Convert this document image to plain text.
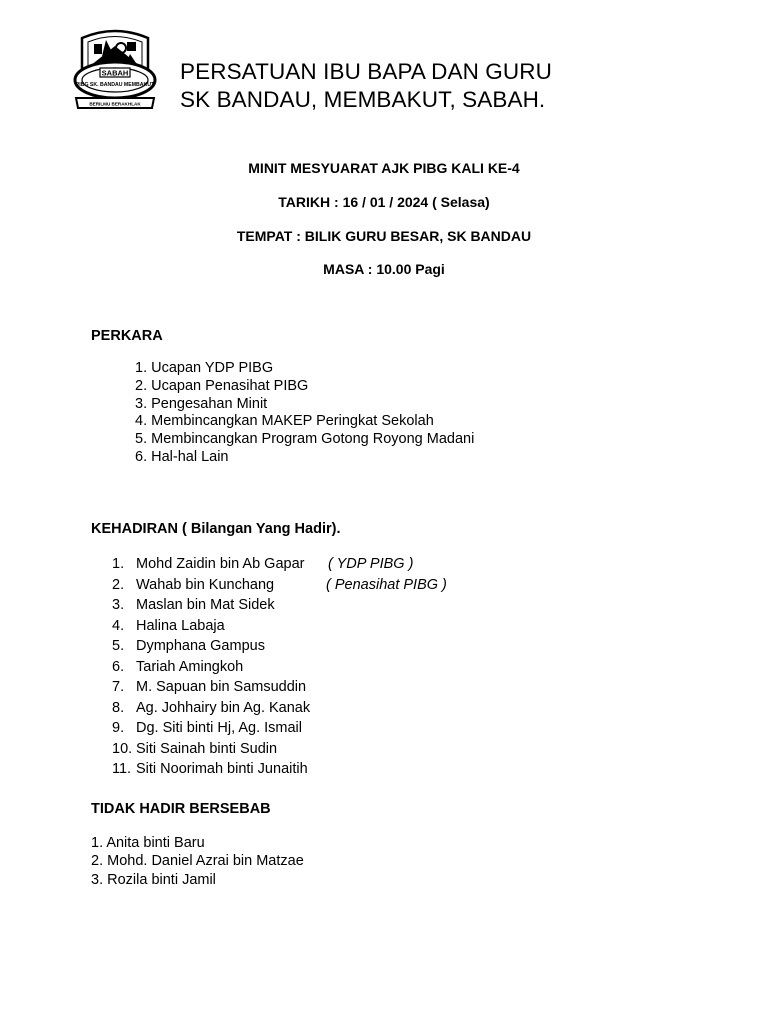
SABAH
PIBG SK. BANDAU MEMBAKUT
BERILMU BERAKHLAK
PERSATUAN IBU BAPA DAN GURU
SK BANDAU, MEMBAKUT, SABAH.
MINIT MESYUARAT AJK PIBG KALI KE-4
TARIKH : 16 / 01 / 2024 ( Selasa)
TEMPAT : BILIK GURU BESAR, SK BANDAU
MASA : 10.00 Pagi
PERKARA
1. Ucapan YDP PIBG
2. Ucapan Penasihat PIBG
3. Pengesahan Minit
4. Membincangkan MAKEP Peringkat Sekolah
5. Membincangkan Program Gotong Royong Madani
6. Hal-hal Lain
KEHADIRAN ( Bilangan Yang Hadir).
1. Mohd Zaidin bin Ab Gapar ( YDP PIBG )
2. Wahab bin Kunchang	( Penasihat PIBG )
3. Maslan bin Mat Sidek
4. Halina Labaja
5. Dymphana Gampus
6. Tariah Amingkoh
7. M. Sapuan bin Samsuddin
8. Ag. Johhairy bin Ag. Kanak
9. Dg. Siti binti Hj, Ag. Ismail
10. Siti Sainah binti Sudin
11. Siti Noorimah binti Junaitih
TIDAK HADIR BERSEBAB
1. Anita binti Baru
2. Mohd. Daniel Azrai bin Matzae
3. Rozila binti Jamil
